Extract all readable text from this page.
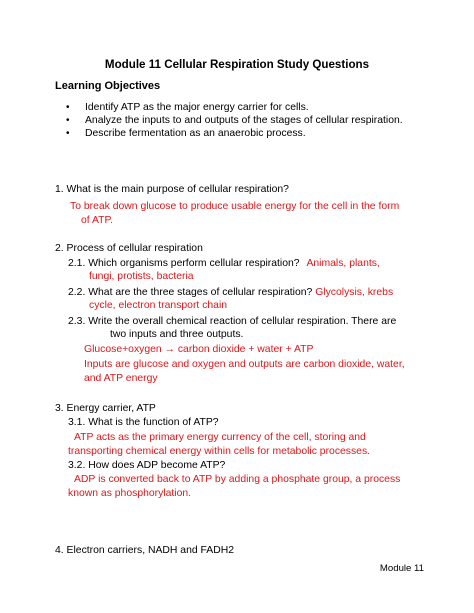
Module 11 Cellular Respiration Study Questions
Learning Objectives
• Identify ATP as the major energy carrier for cells.
• Analyze the inputs to and outputs of the stages of cellular respiration.
• Describe fermentation as an anaerobic process.
1. What is the main purpose of cellular respiration?
To break down glucose to produce usable energy for the cell in the form
of ATP.
2. Process of cellular respiration
2.1. Which organisms perform cellular respiration? Animals, plants,
fungi, protists, bacteria
2.2. What are the three stages of cellular respiration? Glycolysis, krebs
cycle, electron transport chain
2.3. Write the overall chemical reaction of cellular respiration. There are
two inputs and three outputs.
Glucose+oxygen → carbon dioxide + water + ATP
Inputs are glucose and oxygen and outputs are carbon dioxide, water,
and ATP energy
3. Energy carrier, ATP
3.1. What is the function of ATP?
ATP acts as the primary energy currency of the cell, storing and
transporting chemical energy within cells for metabolic processes.
3.2. How does ADP become ATP?
ADP is converted back to ATP by adding a phosphate group, a process
known as phosphorylation.
4. Electron carriers, NADH and FADH2
Module 11
